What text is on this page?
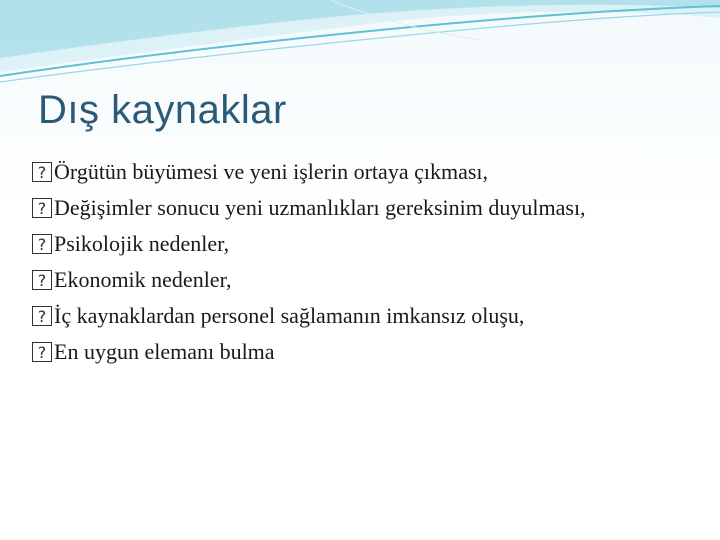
Dış kaynaklar
?Örgütün büyümesi ve yeni işlerin ortaya çıkması,
?Değişimler sonucu yeni uzmanlıkları gereksinim duyulması,
?Psikolojik nedenler,
?Ekonomik nedenler,
?İç kaynaklardan personel sağlamanın imkansız oluşu,
?En uygun elemanı bulma
